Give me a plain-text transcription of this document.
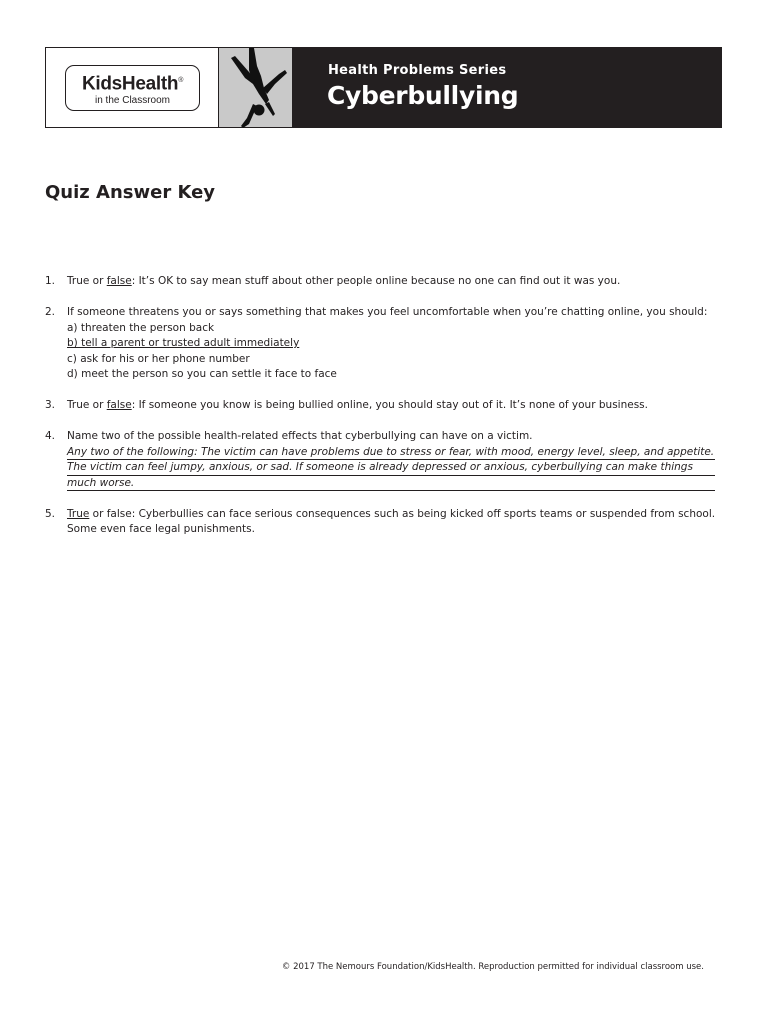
KidsHealth®
in the Classroom
Health Problems Series
Cyberbullying
Quiz Answer Key
1.	True or false: It’s OK to say mean stuff about other people online because no one can find out it was you.
2.	If someone threatens you or says something that makes you feel uncomfortable when you’re chatting online, you should:
a) threaten the person back
b) tell a parent or trusted adult immediately
c) ask for his or her phone number
d) meet the person so you can settle it face to face
3.	True or false: If someone you know is being bullied online, you should stay out of it. It’s none of your business.
4.	Name two of the possible health-related effects that cyberbullying can have on a victim.
Any two of the following: The victim can have problems due to stress or fear, with mood, energy level, sleep, and appetite.
The victim can feel jumpy, anxious, or sad. If someone is already depressed or anxious, cyberbullying can make things
much worse.
5.	True or false: Cyberbullies can face serious consequences such as being kicked off sports teams or suspended from school.
Some even face legal punishments.
© 2017 The Nemours Foundation/KidsHealth. Reproduction permitted for individual classroom use.
